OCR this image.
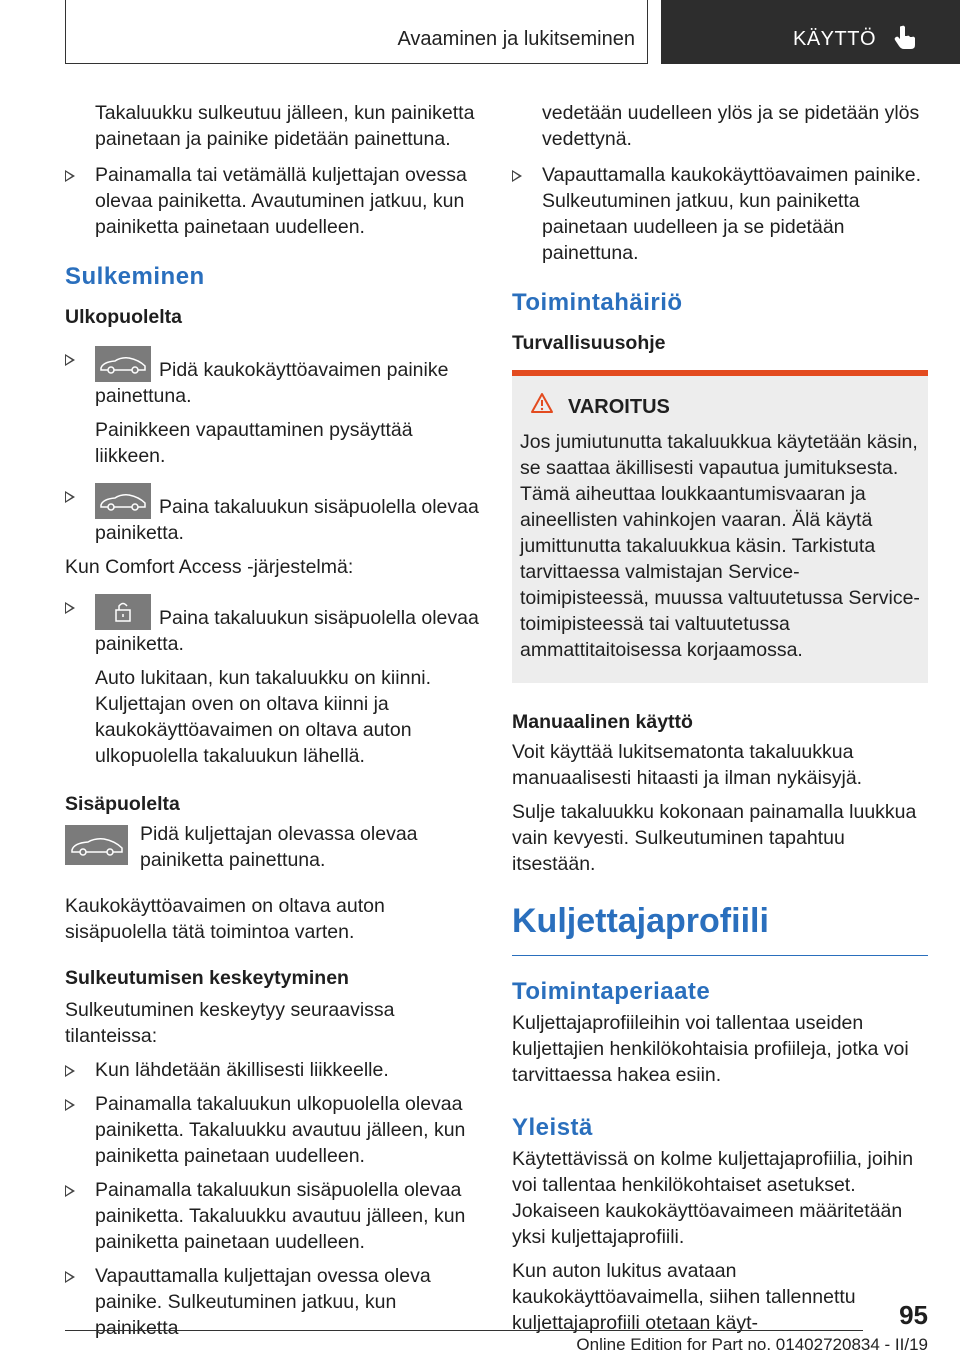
Avaaminen ja lukitseminen	KÄYTTÖ

Takaluukku sulkeutuu jälleen, kun painiketta painetaan ja painike pidetään painettuna.

Painamalla tai vetämällä kuljettajan ovessa olevaa painiketta. Avautuminen jatkuu, kun painiketta painetaan uudelleen.

Sulkeminen

Ulkopuolelta

Pidä kaukokäyttöavaimen painike painettuna.

Painikkeen vapauttaminen pysäyttää liikkeen.

Paina takaluukun sisäpuolella olevaa painiketta.

Kun Comfort Access -järjestelmä:

Paina takaluukun sisäpuolella olevaa painiketta.

Auto lukitaan, kun takaluukku on kiinni. Kuljettajan oven on oltava kiinni ja kaukokäyttöavaimen on oltava auton ulkopuolella takaluukun lähellä.

Sisäpuolelta

Pidä kuljettajan olevassa olevaa painiketta painettuna.

Kaukokäyttöavaimen on oltava auton sisäpuolella tätä toimintoa varten.

Sulkeutumisen keskeytyminen

Sulkeutuminen keskeytyy seuraavissa tilanteissa:

Kun lähdetään äkillisesti liikkeelle.
Painamalla takaluukun ulkopuolella olevaa painiketta. Takaluukku avautuu jälleen, kun painiketta painetaan uudelleen.
Painamalla takaluukun sisäpuolella olevaa painiketta. Takaluukku avautuu jälleen, kun painiketta painetaan uudelleen.
Vapauttamalla kuljettajan ovessa oleva painike. Sulkeutuminen jatkuu, kun painiketta

vedetään uudelleen ylös ja se pidetään ylös vedettynä.

Vapauttamalla kaukokäyttöavaimen painike. Sulkeutuminen jatkuu, kun painiketta painetaan uudelleen ja se pidetään painettuna.

Toimintahäiriö

Turvallisuusohje

VAROITUS

Jos jumiutunutta takaluukkua käytetään käsin, se saattaa äkillisesti vapautua jumituksesta. Tämä aiheuttaa loukkaantumisvaaran ja aineellisten vahinkojen vaaran. Älä käytä jumittunutta takaluukkua käsin. Tarkistuta tarvittaessa valmistajan Service-toimipisteessä, muussa valtuutetussa Service-toimipisteessä tai valtuutetussa ammattitaitoisessa korjaamossa.

Manuaalinen käyttö

Voit käyttää lukitsematonta takaluukkua manuaalisesti hitaasti ja ilman nykäisyjä.

Sulje takaluukku kokonaan painamalla luukkua vain kevyesti. Sulkeutuminen tapahtuu itsestään.

Kuljettajaprofiili

Toimintaperiaate

Kuljettajaprofiileihin voi tallentaa useiden kuljettajien henkilökohtaisia profiileja, jotka voi tarvittaessa hakea esiin.

Yleistä

Käytettävissä on kolme kuljettajaprofiilia, joihin voi tallentaa henkilökohtaiset asetukset. Jokaiseen kaukokäyttöavaimeen määritetään yksi kuljettajaprofiili.

Kun auton lukitus avataan kaukokäyttöavaimella, siihen tallennettu kuljettajaprofiili otetaan käyt-	95
Online Edition for Part no. 01402720834 - II/19
